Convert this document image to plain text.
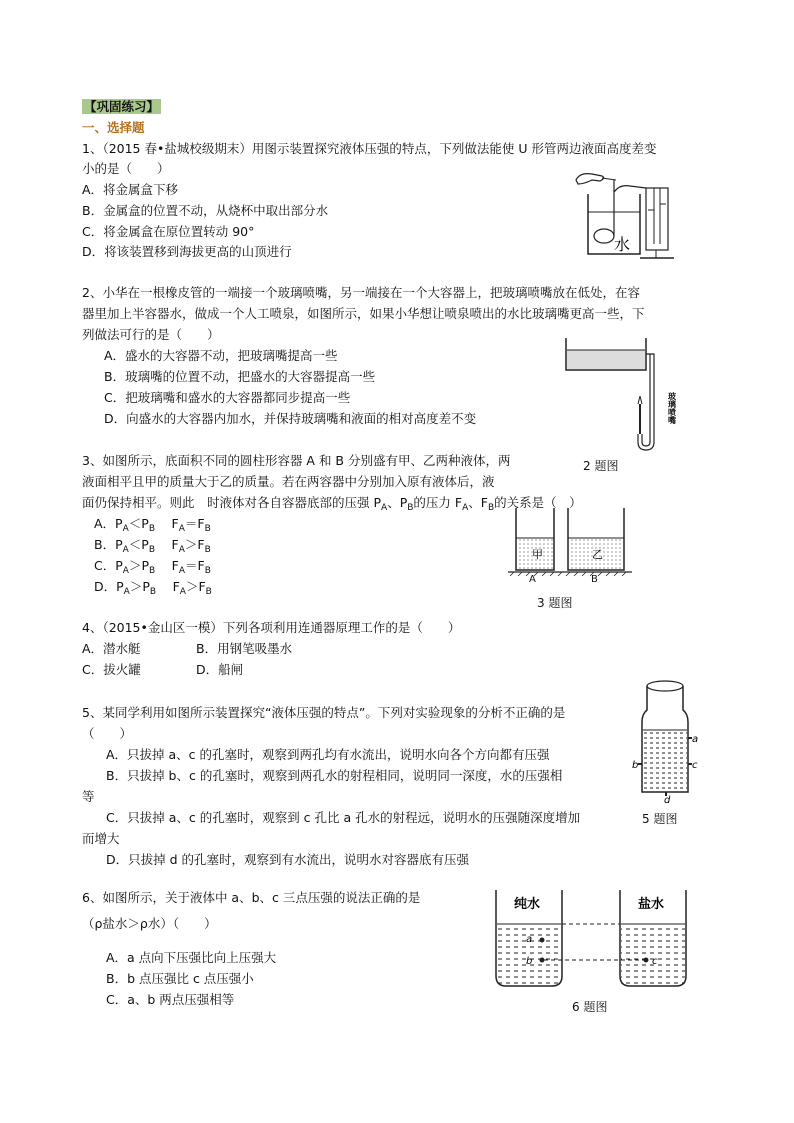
【巩固练习】
一、选择题
1、（2015 春•盐城校级期末）用图示装置探究液体压强的特点，下列做法能使 U 形管两边液面高度差变
小的是（　　）
A．将金属盒下移
B．金属盒的位置不动，从烧杯中取出部分水
C．将金属盒在原位置转动 90°
D．将该装置移到海拔更高的山顶进行	水
2、小华在一根橡皮管的一端接一个玻璃喷嘴，另一端接在一个大容器上，把玻璃喷嘴放在低处，在容
器里加上半容器水，做成一个人工喷泉，如图所示，如果小华想让喷泉喷出的水比玻璃嘴更高一些，下
列做法可行的是（　　）
A．盛水的大容器不动，把玻璃嘴提高一些
B．玻璃嘴的位置不动，把盛水的大容器提高一些
C．把玻璃嘴和盛水的大容器都同步提高一些
D．向盛水的大容器内加水，并保持玻璃嘴和液面的相对高度差不变	玻璃喷嘴
2 题图
3、如图所示，底面积不同的圆柱形容器 A 和 B 分别盛有甲、乙两种液体，两
液面相平且甲的质量大于乙的质量。若在两容器中分别加入原有液体后，液
面仍保持相平。则此　时液体对各自容器底部的压强 $P_A$、$P_B$的压力 $F_A$、$F_B$的关系是（　）
A．$P_A<P_B$　 $F_A=F_B$
B．$P_A<P_B$　 $F_A>F_B$
C．$P_A>P_B$　 $F_A=F_B$
D．$P_A>P_B$　 $F_A>F_B$
甲	乙
A	B
3 题图
4、（2015•金山区一模）下列各项利用连通器原理工作的是（　　）
A．潜水艇	B．用钢笔吸墨水
C．拔火罐	D．船闸
5、某同学利用如图所示装置探究“液体压强的特点”。下列对实验现象的分析不正确的是
（　　）
A．只拔掉 a、c 的孔塞时，观察到两孔均有水流出，说明水向各个方向都有压强
B．只拔掉 b、c 的孔塞时，观察到两孔水的射程相同，说明同一深度，水的压强相
等
C．只拔掉 a、c 的孔塞时，观察到 c 孔比 a 孔水的射程远，说明水的压强随深度增加
而增大
D．只拔掉 d 的孔塞时，观察到有水流出，说明水对容器底有压强
a
b	c
d
5 题图
6、如图所示，关于液体中 a、b、c 三点压强的说法正确的是
（ρ盐水＞ρ水）（　　）
A．a 点向下压强比向上压强大
B．b 点压强比 c 点压强小
C．a、b 两点压强相等
纯水
a
b
盐水
c
6 题图
